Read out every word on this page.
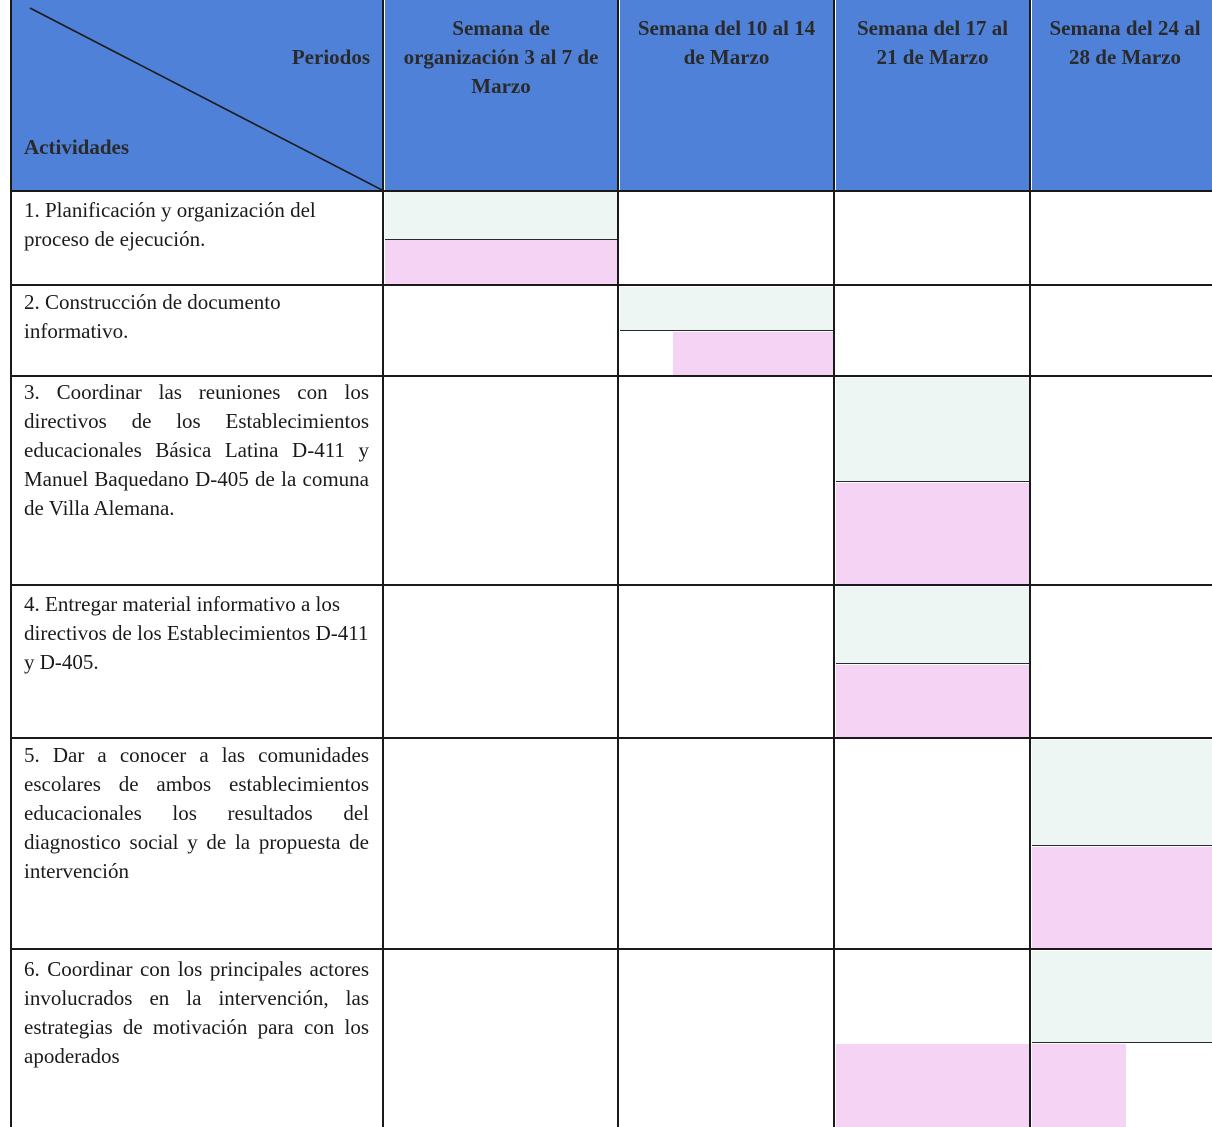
Periodos
Actividades
Semana de organización 3 al 7 de Marzo
Semana del 10 al 14 de Marzo
Semana del 17 al 21 de Marzo
Semana del 24 al 28 de Marzo
1. Planificación y organización del proceso de ejecución.
2. Construcción de documento informativo.
3. Coordinar las reuniones con los directivos de los Establecimientos educacionales Básica Latina D-411 y Manuel Baquedano D-405 de la comuna de Villa Alemana.
4. Entregar material informativo a los directivos de los Establecimientos D-411 y D-405.
5. Dar a conocer a las comunidades escolares de ambos establecimientos educacionales los resultados del diagnostico social y de la propuesta de intervención
6. Coordinar con los principales actores involucrados en la intervención, las estrategias de motivación para con los apoderados
